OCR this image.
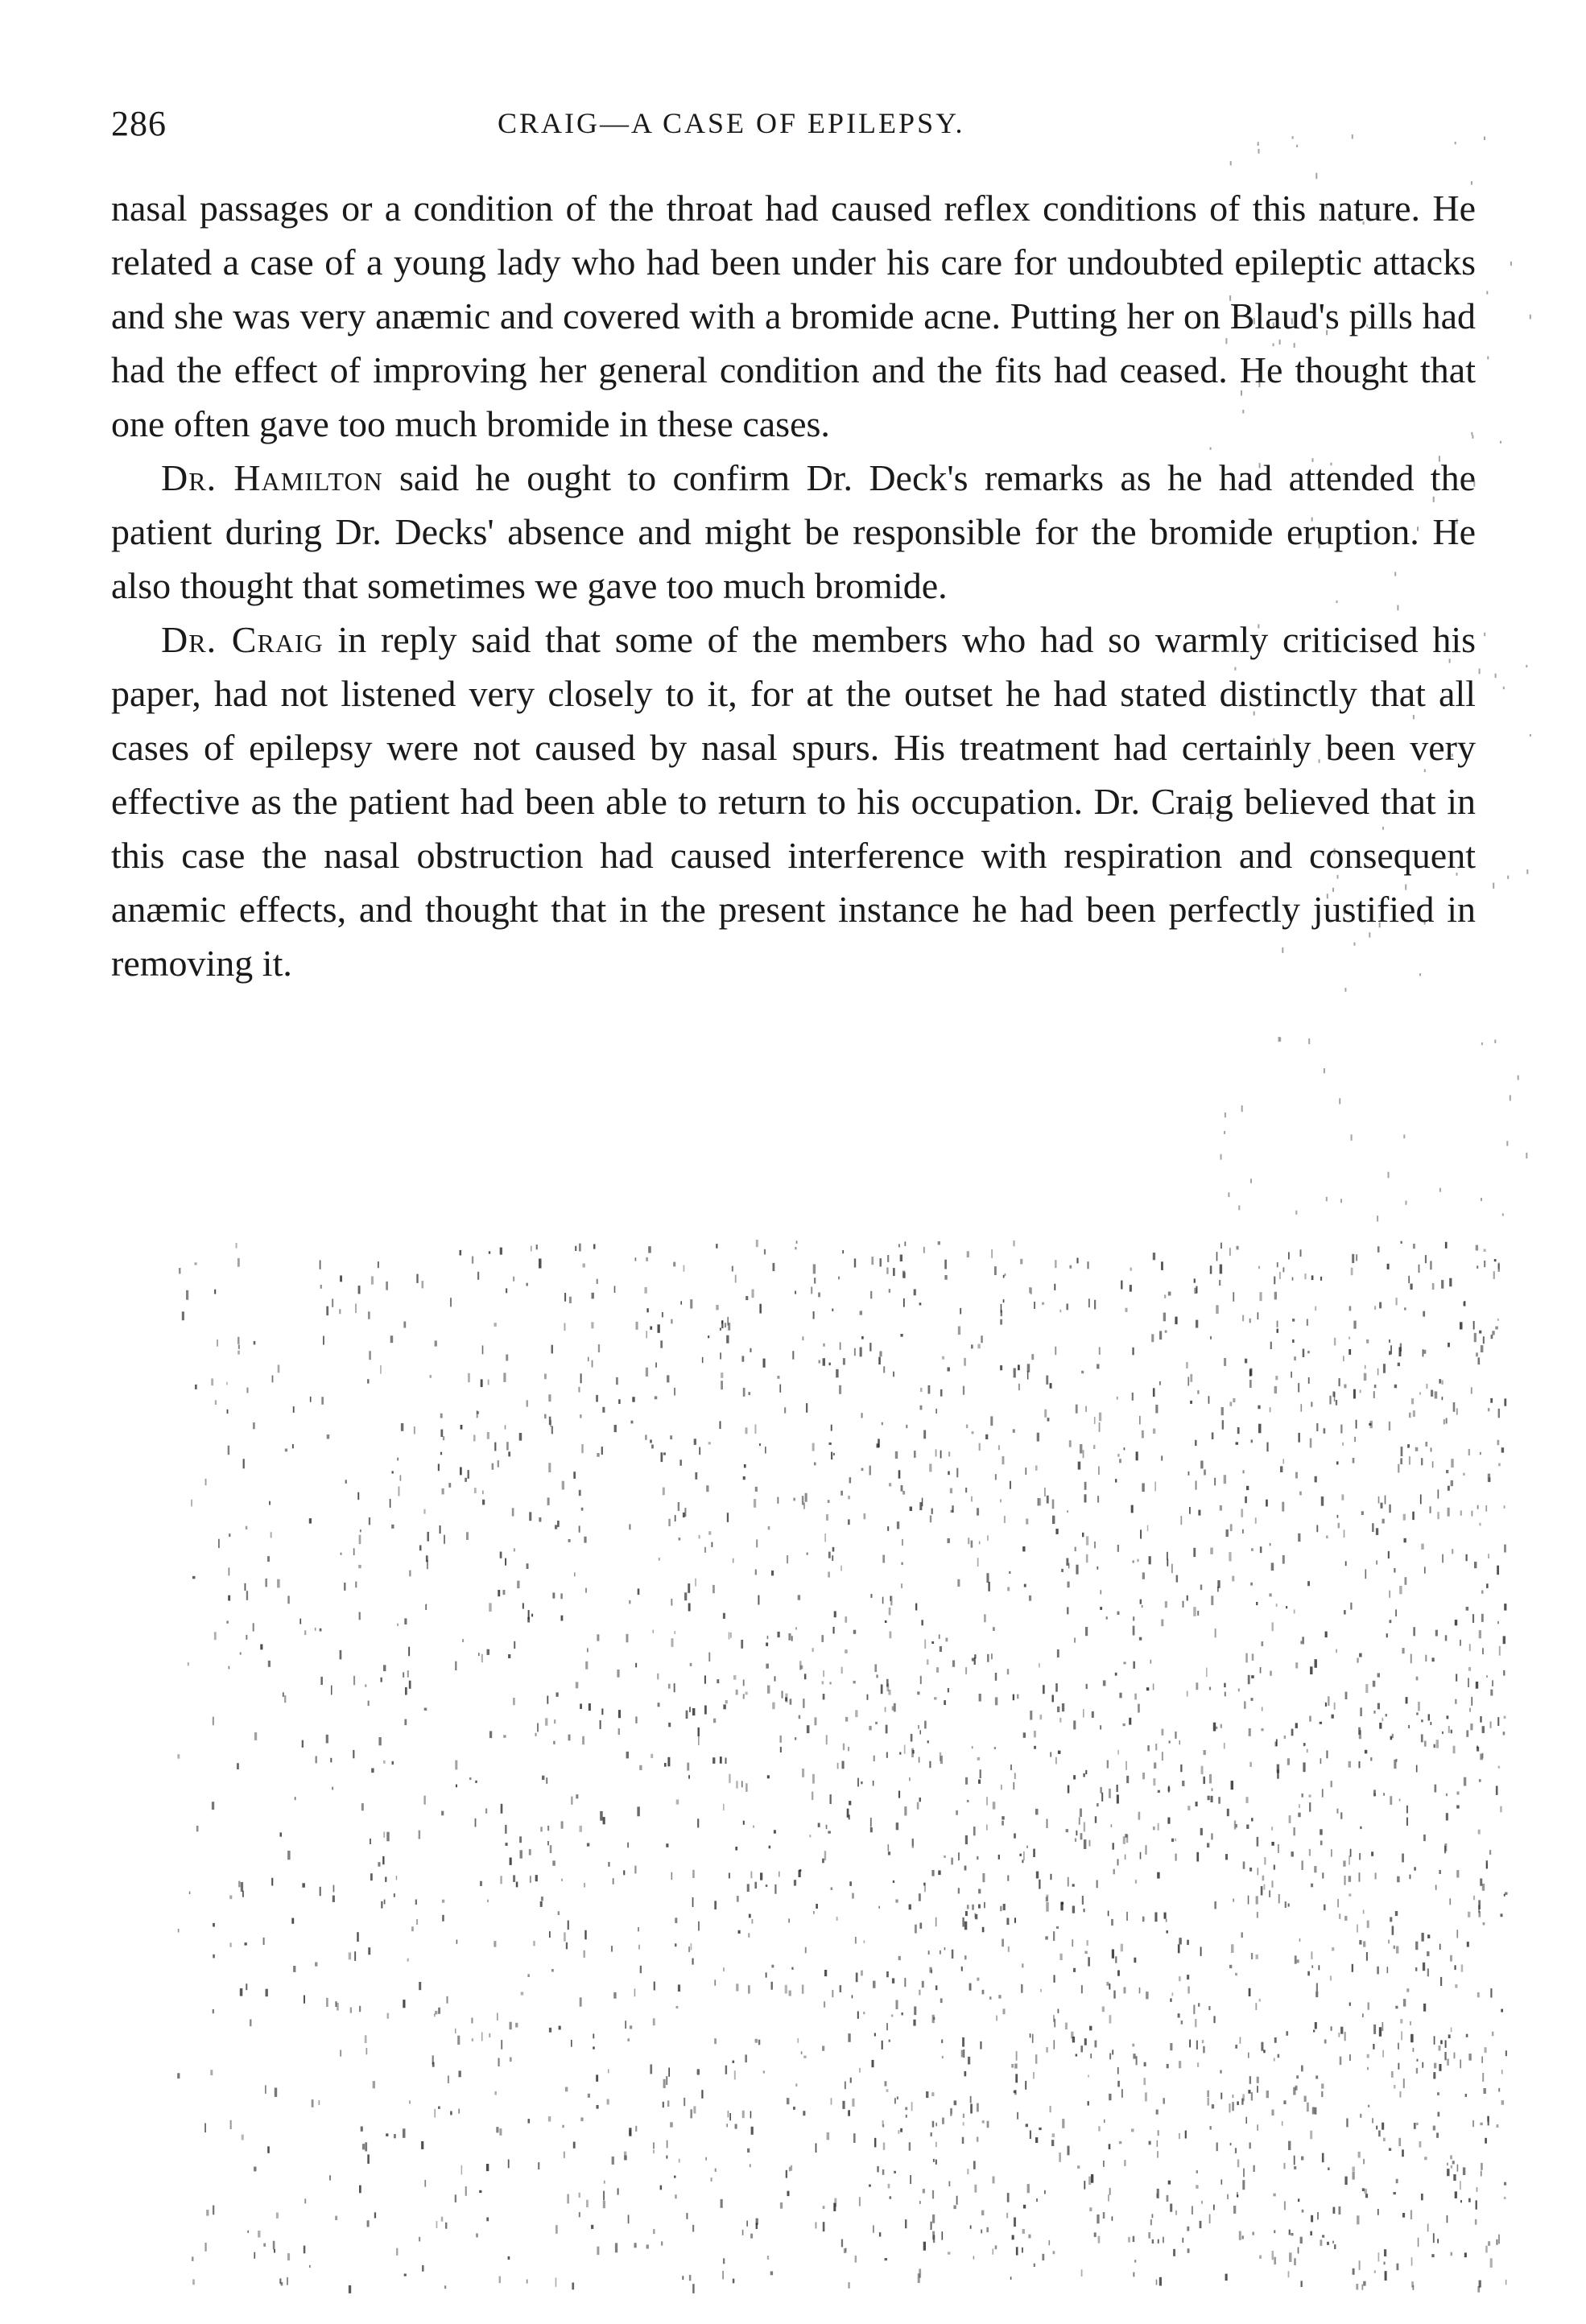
286	CRAIG—A CASE OF EPILEPSY.

nasal passages or a condition of the throat had caused reflex conditions of this nature. He related a case of a young lady who had been under his care for undoubted epileptic attacks and she was very anæmic and covered with a bromide acne. Putting her on Blaud's pills had had the effect of improving her general condition and the fits had ceased. He thought that one often gave too much bromide in these cases.

Dr. Hamilton said he ought to confirm Dr. Deck's remarks as he had attended the patient during Dr. Decks' absence and might be responsible for the bromide eruption. He also thought that sometimes we gave too much bromide.

Dr. Craig in reply said that some of the members who had so warmly criticised his paper, had not listened very closely to it, for at the outset he had stated distinctly that all cases of epilepsy were not caused by nasal spurs. His treatment had certainly been very effective as the patient had been able to return to his occupation. Dr. Craig believed that in this case the nasal obstruction had caused interference with respiration and consequent anæmic effects, and thought that in the present instance he had been perfectly justified in removing it.
